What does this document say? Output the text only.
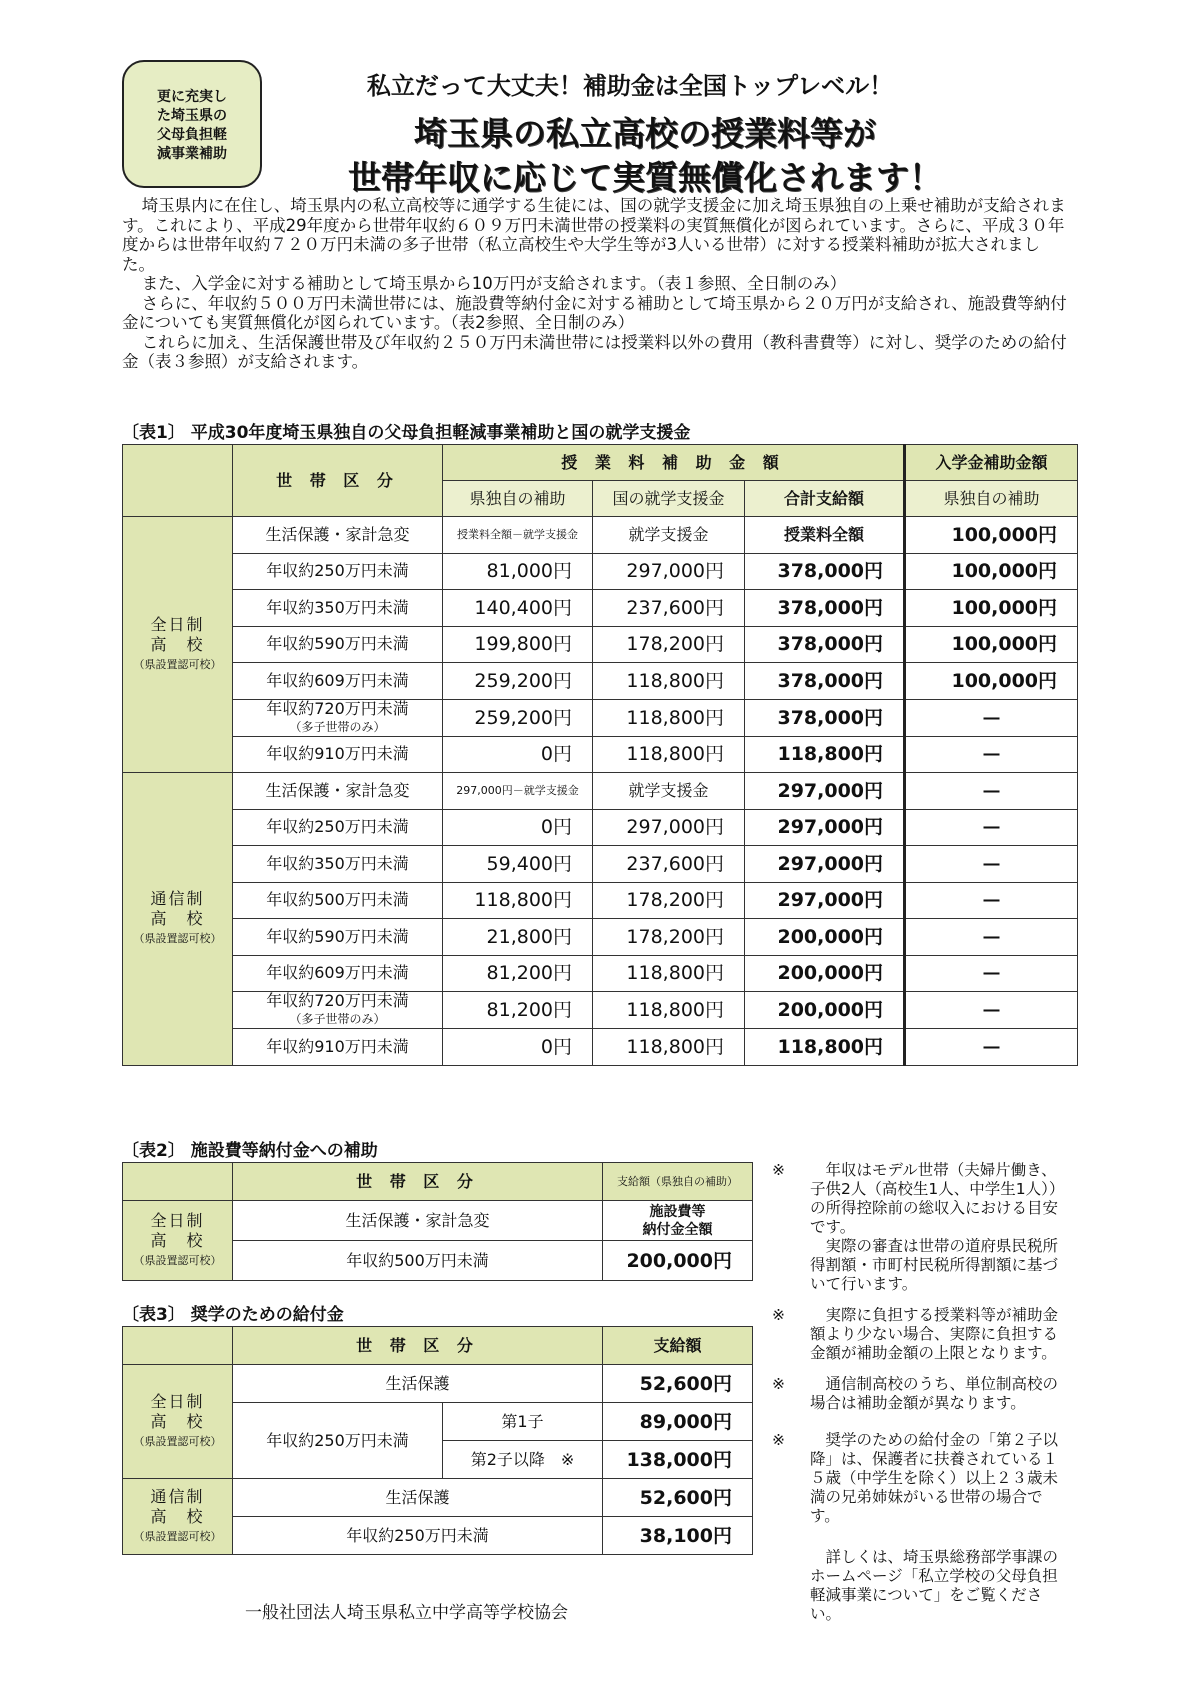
更に充実し
た埼玉県の
父母負担軽
減事業補助
私立だって大丈夫！補助金は全国トップレベル！
埼玉県の私立高校の授業料等が
世帯年収に応じて実質無償化されます！

埼玉県内に在住し、埼玉県内の私立高校等に通学する生徒には、国の就学支援金に加え埼玉県独自の上乗せ補助が支給されます。これにより、平成29年度から世帯年収約６０９万円未満世帯の授業料の実質無償化が図られています。さらに、平成３０年度からは世帯年収約７２０万円未満の多子世帯（私立高校生や大学生等が3人いる世帯）に対する授業料補助が拡大されました。

また、入学金に対する補助として埼玉県から10万円が支給されます。（表１参照、全日制のみ）

さらに、年収約５００万円未満世帯には、施設費等納付金に対する補助として埼玉県から２０万円が支給され、施設費等納付金についても実質無償化が図られています。（表2参照、全日制のみ）

これらに加え、生活保護世帯及び年収約２５０万円未満世帯には授業料以外の費用（教科書費等）に対し、奨学のための給付金（表３参照）が支給されます。

〔表1〕 平成30年度埼玉県独自の父母負担軽減事業補助と国の就学支援金
	世 帯 区 分	授 業 料 補 助 金 額			入学金補助金額
		県独自の補助	国の就学支援金	合計支給額	県独自の補助
全日制
高　校
（県設置認可校）	生活保護・家計急変	授業料全額－就学支援金	就学支援金	授業料全額	100,000円
	年収約250万円未満	81,000円	297,000円	378,000円	100,000円
	年収約350万円未満	140,400円	237,600円	378,000円	100,000円
	年収約590万円未満	199,800円	178,200円	378,000円	100,000円
	年収約609万円未満	259,200円	118,800円	378,000円	100,000円
	年収約720万円未満
（多子世帯のみ）	259,200円	118,800円	378,000円	―
	年収約910万円未満	0円	118,800円	118,800円	―
通信制
高　校
（県設置認可校）	生活保護・家計急変	297,000円－就学支援金	就学支援金	297,000円	―
	年収約250万円未満	0円	297,000円	297,000円	―
	年収約350万円未満	59,400円	237,600円	297,000円	―
	年収約500万円未満	118,800円	178,200円	297,000円	―
	年収約590万円未満	21,800円	178,200円	200,000円	―
	年収約609万円未満	81,200円	118,800円	200,000円	―
	年収約720万円未満
（多子世帯のみ）	81,200円	118,800円	200,000円	―
	年収約910万円未満	0円	118,800円	118,800円	―
〔表2〕 施設費等納付金への補助
	世 帯 区 分	支給額（県独自の補助）
全日制
高　校
（県設置認可校）	生活保護・家計急変	施設費等
納付金全額
	年収約500万円未満	200,000円
〔表3〕 奨学のための給付金
	世 帯 区 分		支給額
全日制
高　校
（県設置認可校）	生活保護		52,600円
	年収約250万円未満	第1子	89,000円
		第2子以降　※	138,000円
通信制
高　校
（県設置認可校）	生活保護		52,600円
	年収約250万円未満		38,100円
※	年収はモデル世帯（夫婦片働き、子供2人（高校生1人、中学生1人））の所得控除前の総収入における目安です。
実際の審査は世帯の道府県民税所得割額・市町村民税所得割額に基づいて行います。
※	実際に負担する授業料等が補助金額より少ない場合、実際に負担する金額が補助金額の上限となります。
※	通信制高校のうち、単位制高校の場合は補助金額が異なります。
※	奨学のための給付金の「第２子以降」は、保護者に扶養されている１５歳（中学生を除く）以上２３歳未満の兄弟姉妹がいる世帯の場合です。
詳しくは、埼玉県総務部学事課のホームページ「私立学校の父母負担軽減事業について」をご覧ください。
一般社団法人埼玉県私立中学高等学校協会
